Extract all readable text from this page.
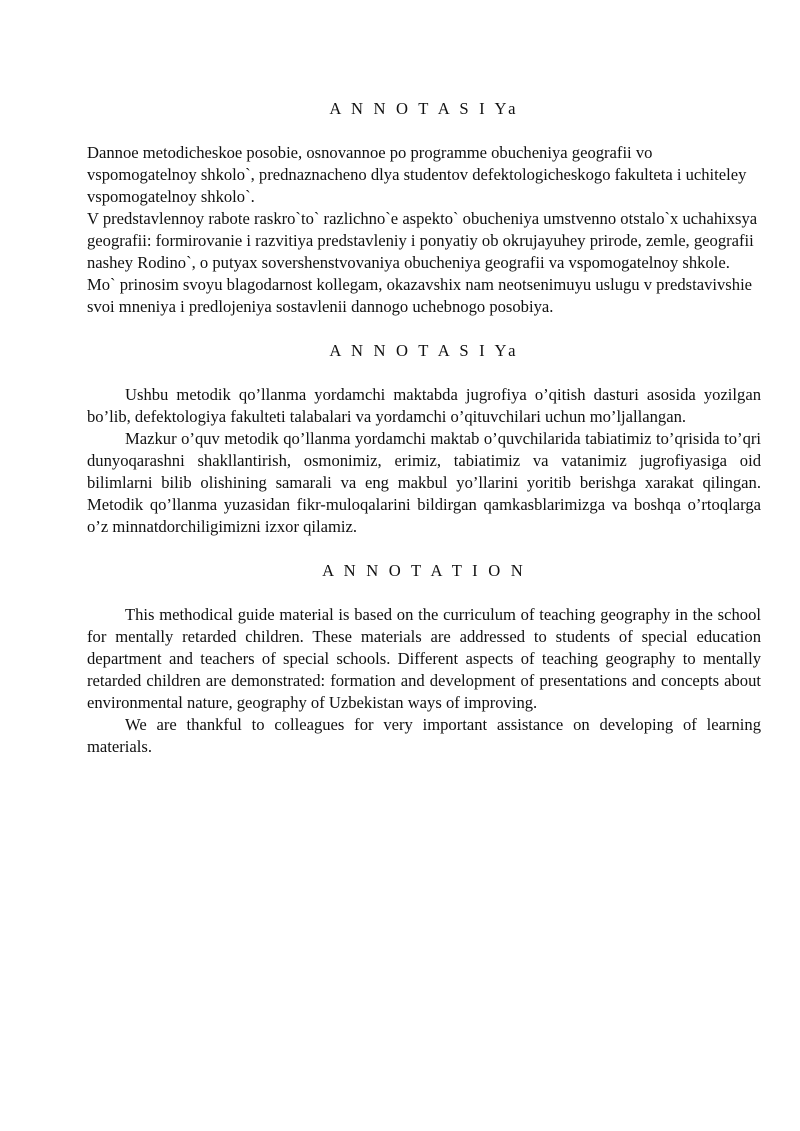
A N N O T A S I Ya

Dannoe metodicheskoe posobie, osnovannoe po programme obucheniya geografii vo vspomogatelnoy shkolo`, prednaznacheno dlya studentov defektologicheskogo fakulteta i uchiteley vspomogatelnoy shkolo`.

V predstavlennoy rabote raskro`to` razlichno`e aspekto` obucheniya umstvenno otstalo`x uchahixsya geografii: formirovanie i razvitiya predstavleniy i ponyatiy ob okrujayuhey prirode, zemle, geografii nashey Rodino`, o putyax sovershenstvovaniya obucheniya geografii va vspomogatelnoy shkole.

Mo` prinosim svoyu blagodarnost kollegam, okazavshix nam neotsenimuyu uslugu v predstavivshie svoi mneniya i predlojeniya sostavlenii dannogo uchebnogo posobiya.

A N N O T A S I Ya

Ushbu metodik qo’llanma yordamchi maktabda jugrofiya o’qitish dasturi asosida yozilgan bo’lib, defektologiya fakulteti talabalari va yordamchi o’qituvchilari uchun mo’ljallangan.

Mazkur o’quv metodik qo’llanma yordamchi maktab o’quvchilarida tabiatimiz to’qrisida to’qri dunyoqarashni shakllantirish, osmonimiz, erimiz, tabiatimiz va vatanimiz jugrofiyasiga oid bilimlarni bilib olishining samarali va eng makbul yo’llarini yoritib berishga xarakat qilingan. Metodik qo’llanma yuzasidan fikr-muloqalarini bildirgan qamkasblarimizga va boshqa o’rtoqlarga o’z minnatdorchiligimizni izxor qilamiz.

A N N O T A T I O N

This methodical guide material is based on the curriculum of teaching geography in the school for mentally retarded children. These materials are addressed to students of special education department and teachers of special schools. Different aspects of teaching geography to mentally retarded children are demonstrated: formation and development of presentations and concepts about environmental nature, geography of Uzbekistan ways of improving.

We are thankful to colleagues for very important assistance on developing of learning materials.
